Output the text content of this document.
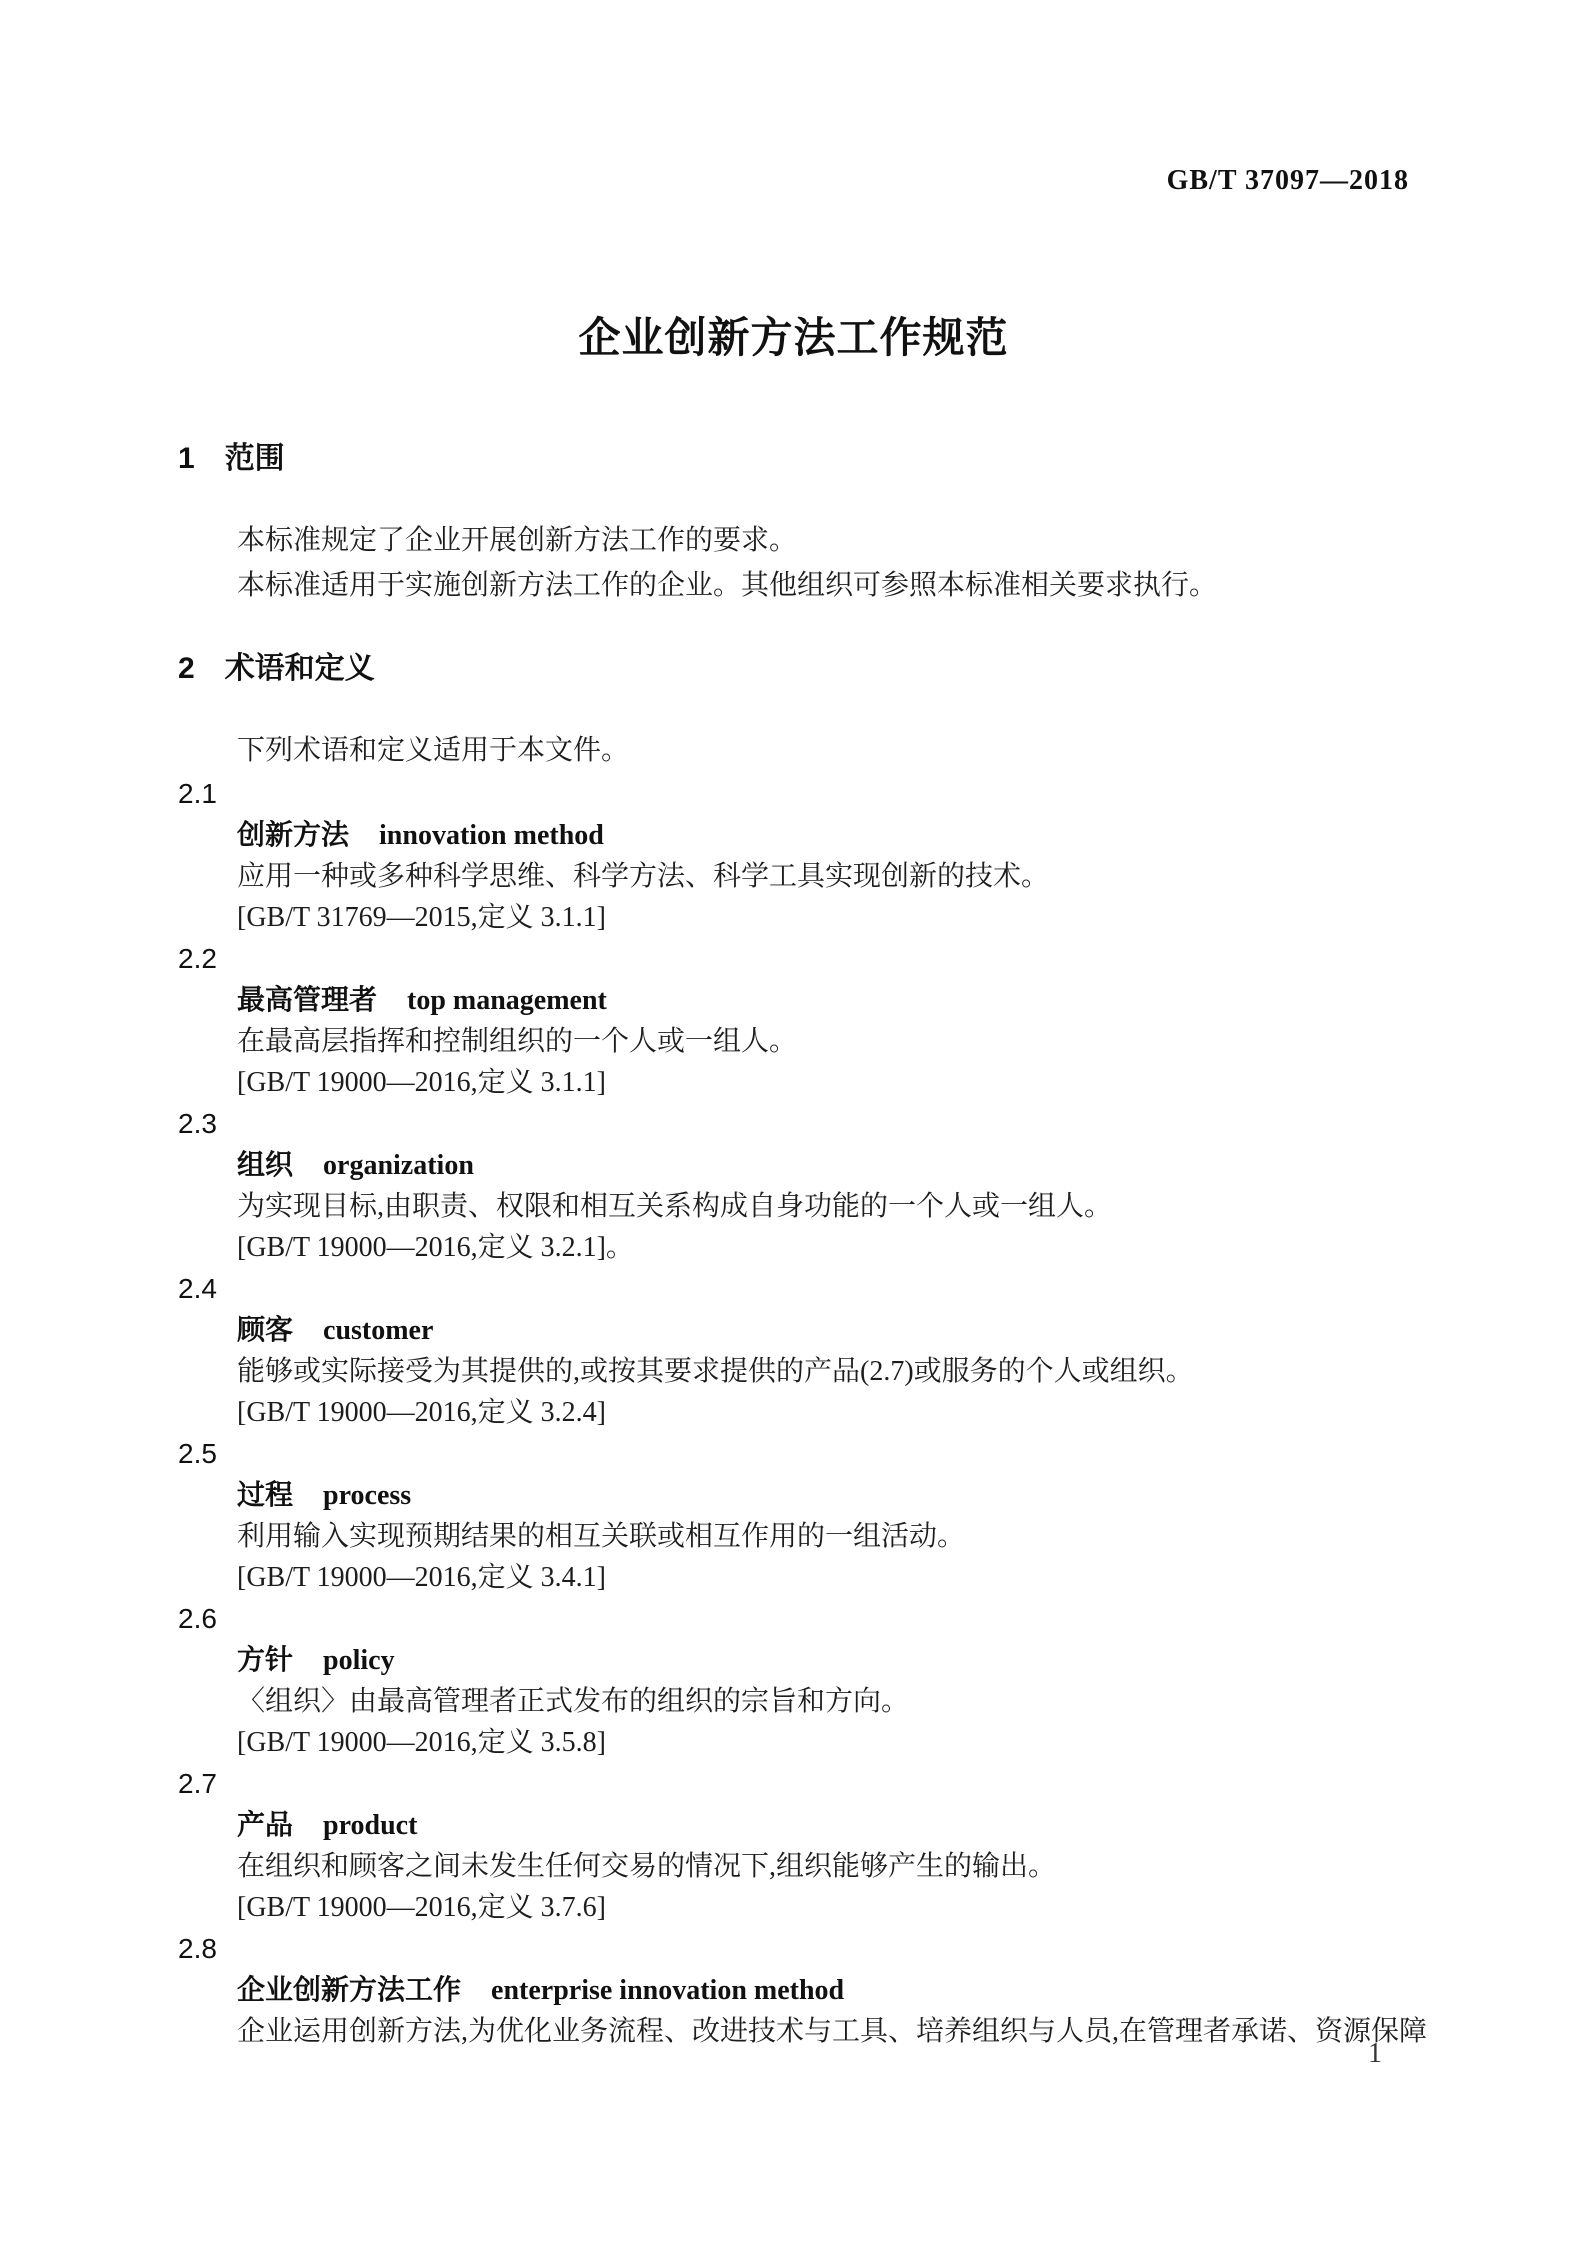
GB/T 37097—2018
企业创新方法工作规范
1 范围

本标准规定了企业开展创新方法工作的要求。

本标准适用于实施创新方法工作的企业。其他组织可参照本标准相关要求执行。

2 术语和定义

下列术语和定义适用于本文件。

2.1
创新方法 innovation method
应用一种或多种科学思维、科学方法、科学工具实现创新的技术。
[GB/T 31769—2015,定义 3.1.1]
2.2
最高管理者 top management
在最高层指挥和控制组织的一个人或一组人。
[GB/T 19000—2016,定义 3.1.1]
2.3
组织 organization
为实现目标,由职责、权限和相互关系构成自身功能的一个人或一组人。
[GB/T 19000—2016,定义 3.2.1]。
2.4
顾客 customer
能够或实际接受为其提供的,或按其要求提供的产品(2.7)或服务的个人或组织。
[GB/T 19000—2016,定义 3.2.4]
2.5
过程 process
利用输入实现预期结果的相互关联或相互作用的一组活动。
[GB/T 19000—2016,定义 3.4.1]
2.6
方针 policy
〈组织〉由最高管理者正式发布的组织的宗旨和方向。
[GB/T 19000—2016,定义 3.5.8]
2.7
产品 product
在组织和顾客之间未发生任何交易的情况下,组织能够产生的输出。
[GB/T 19000—2016,定义 3.7.6]
2.8
企业创新方法工作 enterprise innovation method
企业运用创新方法,为优化业务流程、改进技术与工具、培养组织与人员,在管理者承诺、资源保障
1
